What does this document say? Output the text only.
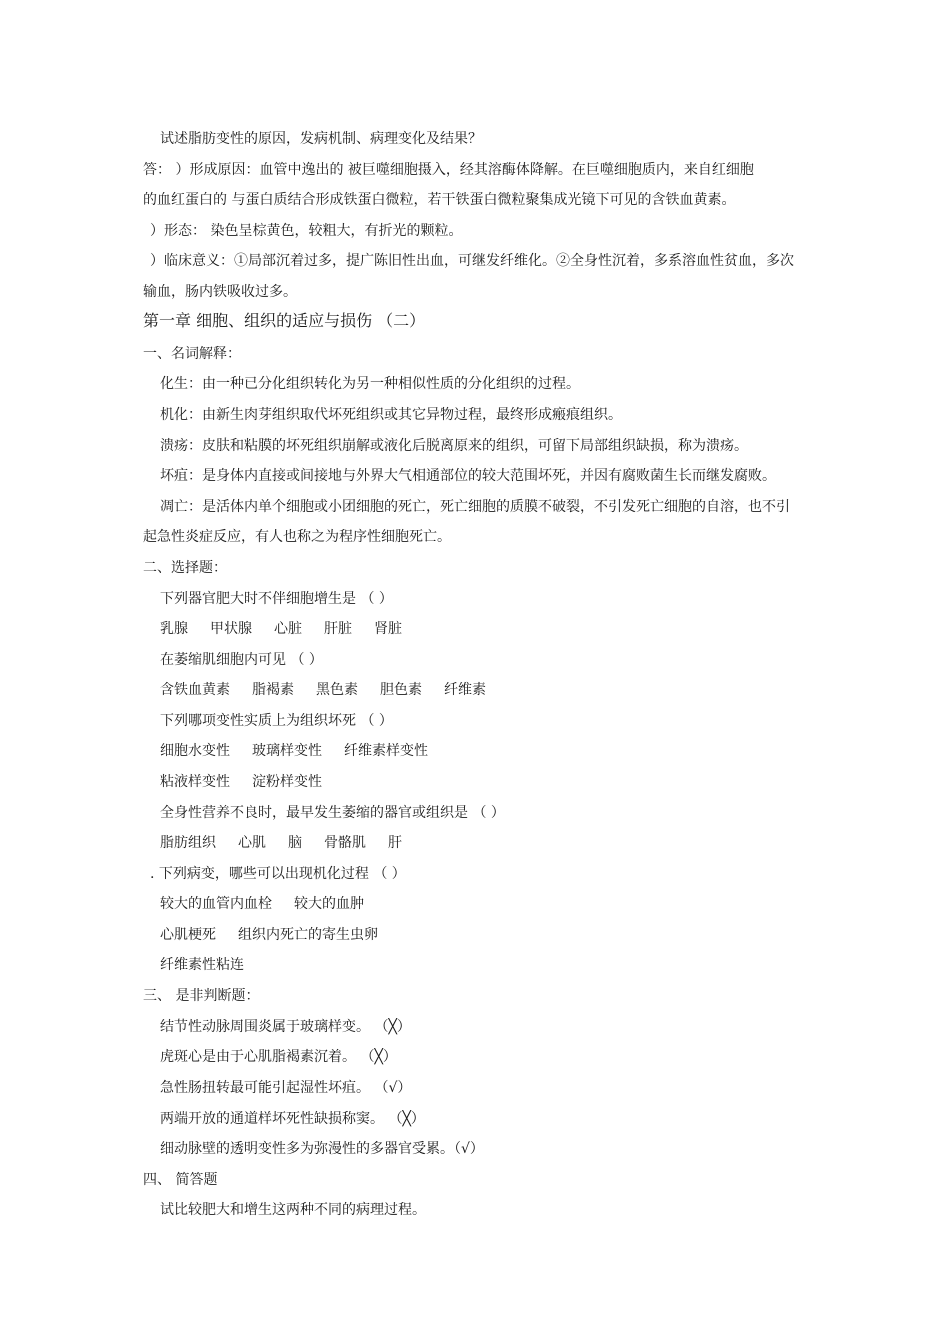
试述脂肪变性的原因，发病机制、病理变化及结果？
答： ）形成原因：血管中逸出的 被巨噬细胞摄入，经其溶酶体降解。在巨噬细胞质内，来自红细胞
的血红蛋白的 与蛋白质结合形成铁蛋白微粒，若干铁蛋白微粒聚集成光镜下可见的含铁血黄素。
）形态： 染色呈棕黄色，较粗大，有折光的颗粒。
）临床意义：①局部沉着过多，提广陈旧性出血，可继发纤维化。②全身性沉着，多系溶血性贫血，多次
输血，肠内铁吸收过多。
第一章 细胞、组织的适应与损伤 （二）
一、名词解释：
化生：由一种已分化组织转化为另一种相似性质的分化组织的过程。
机化：由新生肉芽组织取代坏死组织或其它异物过程，最终形成瘢痕组织。
溃疡：皮肤和粘膜的坏死组织崩解或液化后脱离原来的组织，可留下局部组织缺损，称为溃疡。
坏疽：是身体内直接或间接地与外界大气相通部位的较大范围坏死，并因有腐败菌生长而继发腐败。
凋亡：是活体内单个细胞或小团细胞的死亡，死亡细胞的质膜不破裂，不引发死亡细胞的自溶，也不引
起急性炎症反应，有人也称之为程序性细胞死亡。
二、选择题：
下列器官肥大时不伴细胞增生是 （ ）
乳腺 甲状腺 心脏 肝脏 肾脏
在萎缩肌细胞内可见 （ ）
含铁血黄素 脂褐素 黑色素 胆色素 纤维素
下列哪项变性实质上为组织坏死 （ ）
细胞水变性 玻璃样变性 纤维素样变性
粘液样变性 淀粉样变性
全身性营养不良时，最早发生萎缩的器官或组织是 （ ）
脂肪组织 心肌 脑 骨骼肌 肝
. 下列病变，哪些可以出现机化过程 （ ）
较大的血管内血栓 较大的血肿
心肌梗死 组织内死亡的寄生虫卵
纤维素性粘连
三、 是非判断题：
结节性动脉周围炎属于玻璃样变。 （╳）
虎斑心是由于心肌脂褐素沉着。 （╳）
急性肠扭转最可能引起湿性坏疽。 （√）
两端开放的通道样坏死性缺损称窦。 （╳）
细动脉壁的透明变性多为弥漫性的多器官受累。（√）
四、 简答题
试比较肥大和增生这两种不同的病理过程。
